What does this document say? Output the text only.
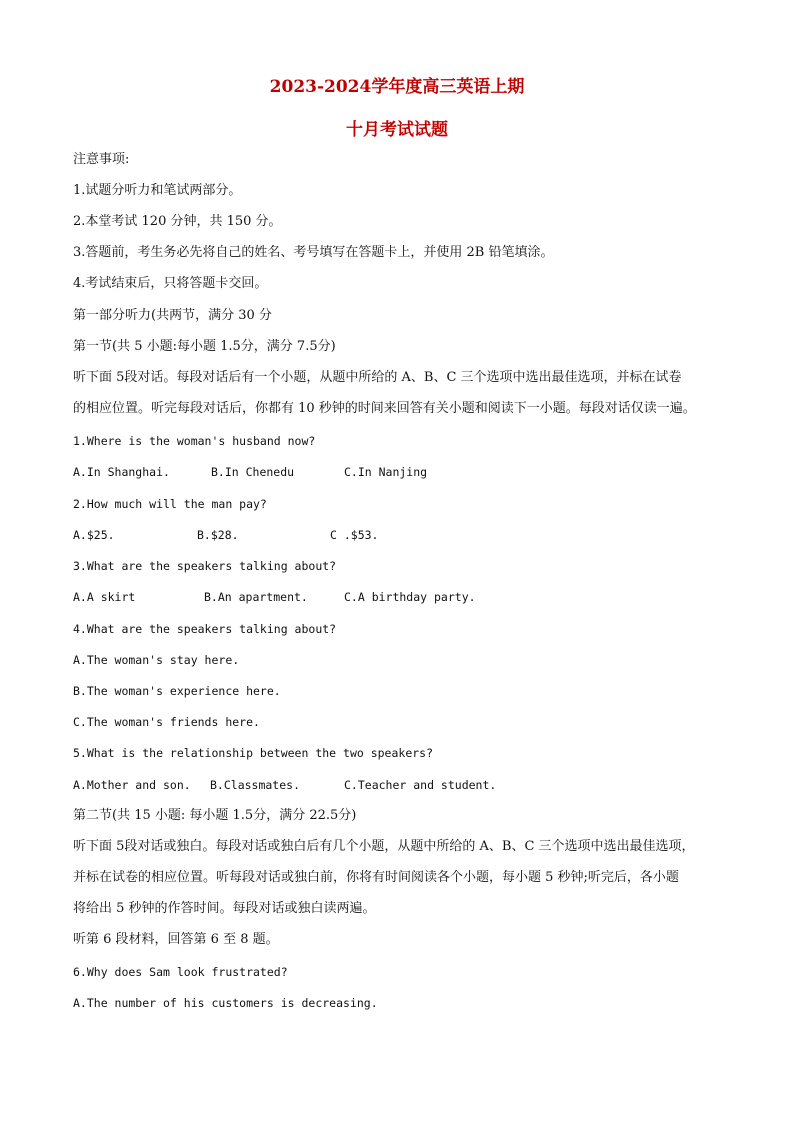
2023-2024学年度高三英语上期
十月考试试题
注意事项:
1.试题分听力和笔试两部分。
2.本堂考试 120 分钟，共 150 分。
3.答题前，考生务必先将自己的姓名、考号填写在答题卡上，并使用 2B 铅笔填涂。
4.考试结束后，只将答题卡交回。
第一部分听力(共两节，满分 30 分
第一节(共 5 小题:每小题 1.5分，满分 7.5分)
听下面 5段对话。每段对话后有一个小题，从题中所给的 A、B、C 三个选项中选出最佳选项，并标在试卷
的相应位置。听完每段对话后，你都有 10 秒钟的时间来回答有关小题和阅读下一小题。每段对话仅读一遍。
1.Where is the woman's husband now?
A.In Shanghai.	B.In Chenedu	C.In Nanjing
2.How much will the man pay?
A.$25.	B.$28.	C .$53.
3.What are the speakers talking about?
A.A skirt	B.An apartment.	C.A birthday party.
4.What are the speakers talking about?
A.The woman's stay here.
B.The woman's experience here.
C.The woman's friends here.
5.What is the relationship between the two speakers?
A.Mother and son. B.Classmates.	C.Teacher and student.
第二节(共 15 小题: 每小题 1.5分，满分 22.5分)
听下面 5段对话或独白。每段对话或独白后有几个小题，从题中所给的 A、B、C 三个选项中选出最佳选项，
并标在试卷的相应位置。听每段对话或独白前，你将有时间阅读各个小题，每小题 5 秒钟;听完后，各小题
将给出 5 秒钟的作答时间。每段对话或独白读两遍。
听第 6 段材料，回答第 6 至 8 题。
6.Why does Sam look frustrated?
A.The number of his customers is decreasing.
